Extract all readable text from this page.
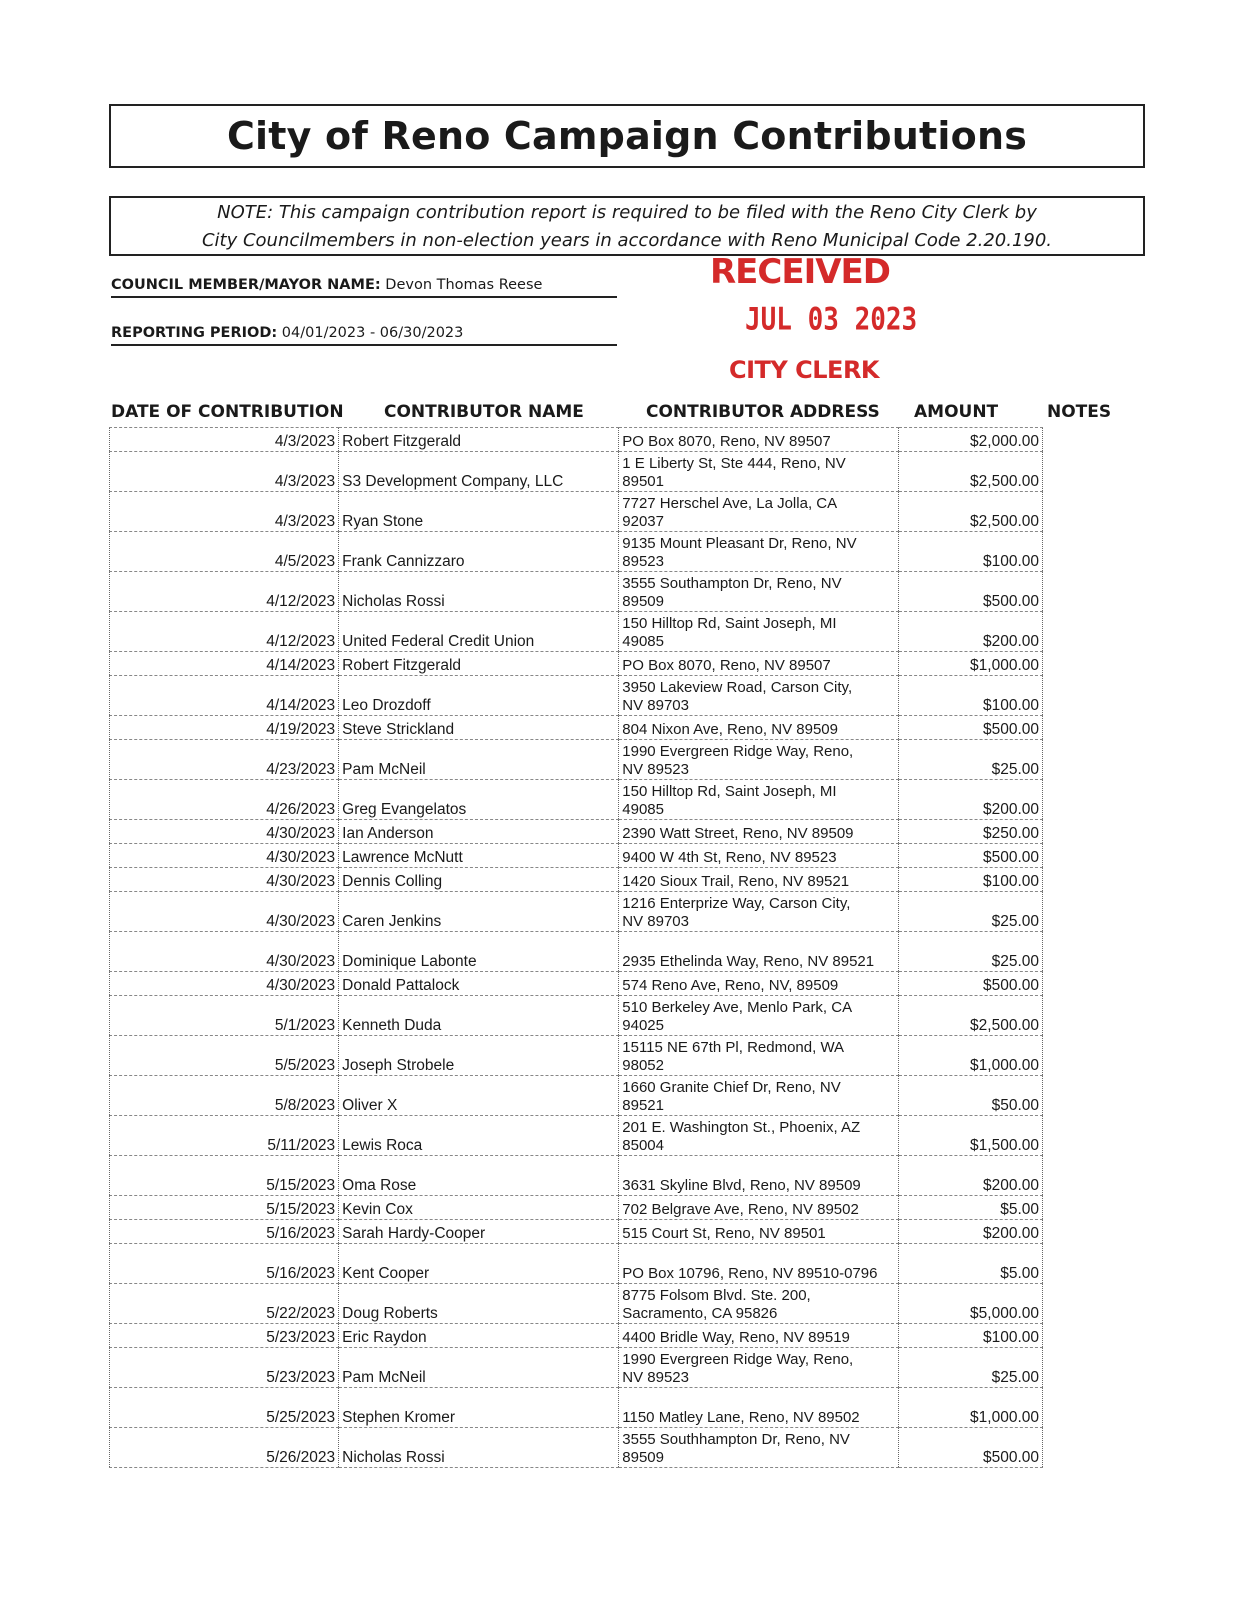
City of Reno Campaign Contributions
NOTE: This campaign contribution report is required to be filed with the Reno City Clerk by
City Councilmembers in non-election years in accordance with Reno Municipal Code 2.20.190.
COUNCIL MEMBER/MAYOR NAME: Devon Thomas Reese
REPORTING PERIOD: 04/01/2023 - 06/30/2023
RECEIVED
JUL 03 2023
CITY CLERK
DATE OF CONTRIBUTION CONTRIBUTOR NAME	CONTRIBUTOR ADDRESS AMOUNT	NOTES
4/3/2023	Robert Fitzgerald	PO Box 8070, Reno, NV 89507	$2,000.00
4/3/2023	S3 Development Company, LLC	1 E Liberty St, Ste 444, Reno, NV
89501	$2,500.00
4/3/2023	Ryan Stone	7727 Herschel Ave, La Jolla, CA
92037	$2,500.00
4/5/2023	Frank Cannizzaro	9135 Mount Pleasant Dr, Reno, NV
89523	$100.00
4/12/2023	Nicholas Rossi	3555 Southampton Dr, Reno, NV
89509	$500.00
4/12/2023	United Federal Credit Union	150 Hilltop Rd, Saint Joseph, MI
49085	$200.00
4/14/2023	Robert Fitzgerald	PO Box 8070, Reno, NV 89507	$1,000.00
4/14/2023	Leo Drozdoff	3950 Lakeview Road, Carson City,
NV 89703	$100.00
4/19/2023	Steve Strickland	804 Nixon Ave, Reno, NV 89509	$500.00
4/23/2023	Pam McNeil	1990 Evergreen Ridge Way, Reno,
NV 89523	$25.00
4/26/2023	Greg Evangelatos	150 Hilltop Rd, Saint Joseph, MI
49085	$200.00
4/30/2023	Ian Anderson	2390 Watt Street, Reno, NV 89509	$250.00
4/30/2023	Lawrence McNutt	9400 W 4th St, Reno, NV 89523	$500.00
4/30/2023	Dennis Colling	1420 Sioux Trail, Reno, NV 89521	$100.00
4/30/2023	Caren Jenkins	1216 Enterprize Way, Carson City,
NV 89703	$25.00
4/30/2023	Dominique Labonte	2935 Ethelinda Way, Reno, NV 89521	$25.00
4/30/2023	Donald Pattalock	574 Reno Ave, Reno, NV, 89509	$500.00
5/1/2023	Kenneth Duda	510 Berkeley Ave, Menlo Park, CA
94025	$2,500.00
5/5/2023	Joseph Strobele	15115 NE 67th Pl, Redmond, WA
98052	$1,000.00
5/8/2023	Oliver X	1660 Granite Chief Dr, Reno, NV
89521	$50.00
5/11/2023	Lewis Roca	201 E. Washington St., Phoenix, AZ
85004	$1,500.00
5/15/2023	Oma Rose	3631 Skyline Blvd, Reno, NV 89509	$200.00
5/15/2023	Kevin Cox	702 Belgrave Ave, Reno, NV 89502	$5.00
5/16/2023	Sarah Hardy-Cooper	515 Court St, Reno, NV 89501	$200.00
5/16/2023	Kent Cooper	PO Box 10796, Reno, NV 89510-0796	$5.00
5/22/2023	Doug Roberts	8775 Folsom Blvd. Ste. 200,
Sacramento, CA 95826	$5,000.00
5/23/2023	Eric Raydon	4400 Bridle Way, Reno, NV 89519	$100.00
5/23/2023	Pam McNeil	1990 Evergreen Ridge Way, Reno,
NV 89523	$25.00
5/25/2023	Stephen Kromer	1150 Matley Lane, Reno, NV 89502	$1,000.00
5/26/2023	Nicholas Rossi	3555 Southhampton Dr, Reno, NV
89509	$500.00
